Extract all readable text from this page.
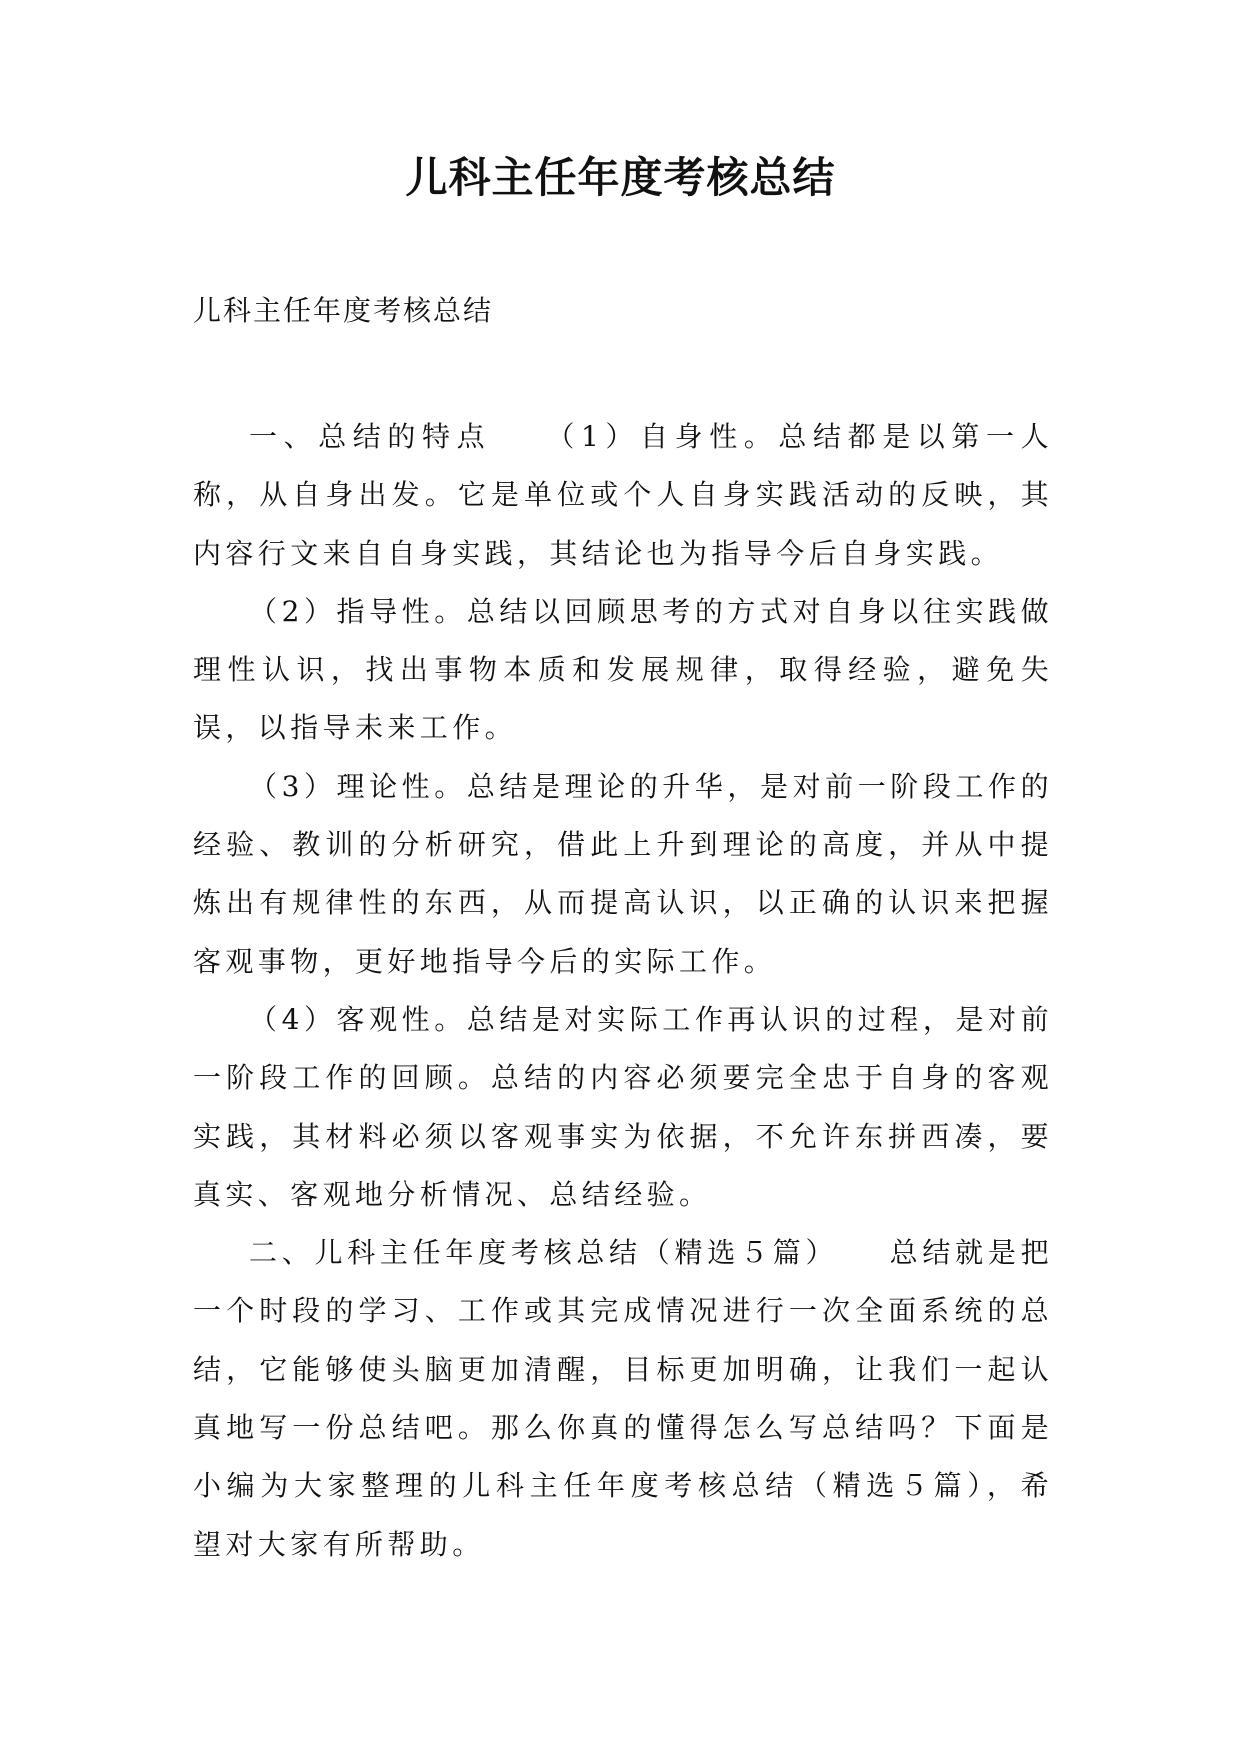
儿科主任年度考核总结
儿科主任年度考核总结

一、总结的特点　　（1）自身性。总结都是以第一人称，从自身出发。它是单位或个人自身实践活动的反映，其内容行文来自自身实践，其结论也为指导今后自身实践。

（2）指导性。总结以回顾思考的方式对自身以往实践做理性认识，找出事物本质和发展规律，取得经验，避免失误，以指导未来工作。

（3）理论性。总结是理论的升华，是对前一阶段工作的经验、教训的分析研究，借此上升到理论的高度，并从中提炼出有规律性的东西，从而提高认识，以正确的认识来把握客观事物，更好地指导今后的实际工作。

（4）客观性。总结是对实际工作再认识的过程，是对前一阶段工作的回顾。总结的内容必须要完全忠于自身的客观实践，其材料必须以客观事实为依据，不允许东拼西凑，要真实、客观地分析情况、总结经验。

二、儿科主任年度考核总结（精选５篇）　　总结就是把一个时段的学习、工作或其完成情况进行一次全面系统的总结，它能够使头脑更加清醒，目标更加明确，让我们一起认真地写一份总结吧。那么你真的懂得怎么写总结吗？下面是小编为大家整理的儿科主任年度考核总结（精选５篇），希望对大家有所帮助。
